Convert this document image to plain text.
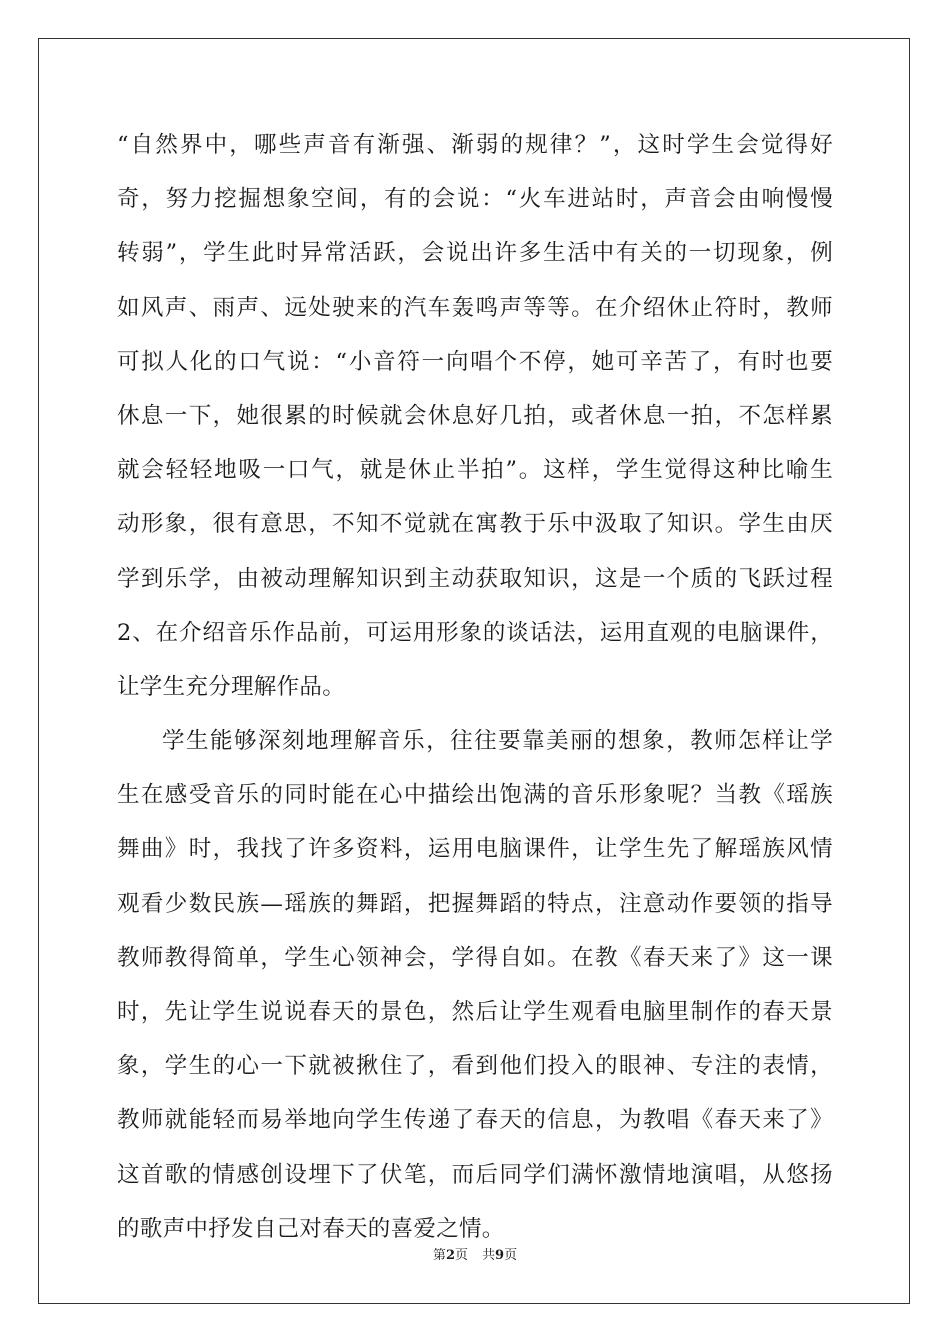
“自然界中，哪些声音有渐强、渐弱的规律？”，这时学生会觉得好
奇，努力挖掘想象空间，有的会说：“火车进站时，声音会由响慢慢
转弱”，学生此时异常活跃，会说出许多生活中有关的一切现象，例
如风声、雨声、远处驶来的汽车轰鸣声等等。在介绍休止符时，教师
可拟人化的口气说：“小音符一向唱个不停，她可辛苦了，有时也要
休息一下，她很累的时候就会休息好几拍，或者休息一拍，不怎样累
就会轻轻地吸一口气，就是休止半拍”。这样，学生觉得这种比喻生
动形象，很有意思，不知不觉就在寓教于乐中汲取了知识。学生由厌
学到乐学，由被动理解知识到主动获取知识，这是一个质的飞跃过程
2、在介绍音乐作品前，可运用形象的谈话法，运用直观的电脑课件，
让学生充分理解作品。
学生能够深刻地理解音乐，往往要靠美丽的想象，教师怎样让学
生在感受音乐的同时能在心中描绘出饱满的音乐形象呢？当教《瑶族
舞曲》时，我找了许多资料，运用电脑课件，让学生先了解瑶族风情
观看少数民族—瑶族的舞蹈，把握舞蹈的特点，注意动作要领的指导
教师教得简单，学生心领神会，学得自如。在教《春天来了》这一课
时，先让学生说说春天的景色，然后让学生观看电脑里制作的春天景
象，学生的心一下就被揪住了，看到他们投入的眼神、专注的表情，
教师就能轻而易举地向学生传递了春天的信息，为教唱《春天来了》
这首歌的情感创设埋下了伏笔，而后同学们满怀激情地演唱，从悠扬
的歌声中抒发自己对春天的喜爱之情。
第2页 共9页
